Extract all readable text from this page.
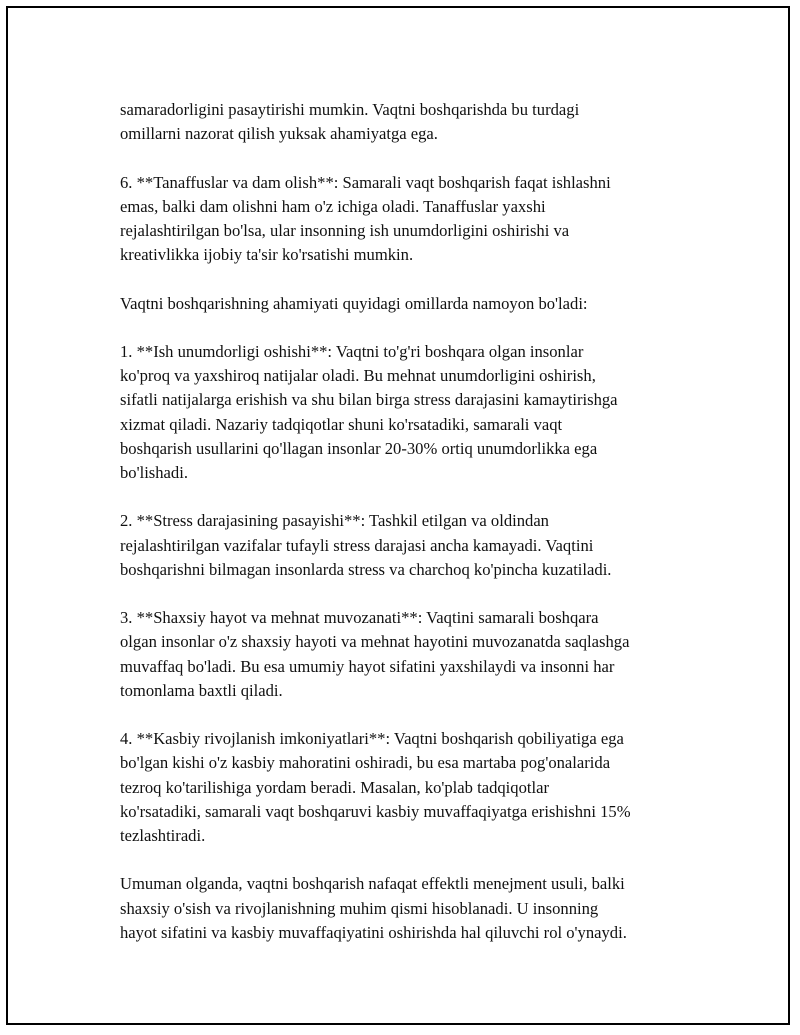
samaradorligini pasaytirishi mumkin. Vaqtni boshqarishda bu turdagi
omillarni nazorat qilish yuksak ahamiyatga ega.

6. **Tanaffuslar va dam olish**: Samarali vaqt boshqarish faqat ishlashni
emas, balki dam olishni ham o'z ichiga oladi. Tanaffuslar yaxshi
rejalashtirilgan bo'lsa, ular insonning ish unumdorligini oshirishi va
kreativlikka ijobiy ta'sir ko'rsatishi mumkin.

Vaqtni boshqarishning ahamiyati quyidagi omillarda namoyon bo'ladi:

1. **Ish unumdorligi oshishi**: Vaqtni to'g'ri boshqara olgan insonlar
ko'proq va yaxshiroq natijalar oladi. Bu mehnat unumdorligini oshirish,
sifatli natijalarga erishish va shu bilan birga stress darajasini kamaytirishga
xizmat qiladi. Nazariy tadqiqotlar shuni ko'rsatadiki, samarali vaqt
boshqarish usullarini qo'llagan insonlar 20-30% ortiq unumdorlikka ega
bo'lishadi.

2. **Stress darajasining pasayishi**: Tashkil etilgan va oldindan
rejalashtirilgan vazifalar tufayli stress darajasi ancha kamayadi. Vaqtini
boshqarishni bilmagan insonlarda stress va charchoq ko'pincha kuzatiladi.

3. **Shaxsiy hayot va mehnat muvozanati**: Vaqtini samarali boshqara
olgan insonlar o'z shaxsiy hayoti va mehnat hayotini muvozanatda saqlashga
muvaffaq bo'ladi. Bu esa umumiy hayot sifatini yaxshilaydi va insonni har
tomonlama baxtli qiladi.

4. **Kasbiy rivojlanish imkoniyatlari**: Vaqtni boshqarish qobiliyatiga ega
bo'lgan kishi o'z kasbiy mahoratini oshiradi, bu esa martaba pog'onalarida
tezroq ko'tarilishiga yordam beradi. Masalan, ko'plab tadqiqotlar
ko'rsatadiki, samarali vaqt boshqaruvi kasbiy muvaffaqiyatga erishishni 15%
tezlashtiradi.

Umuman olganda, vaqtni boshqarish nafaqat effektli menejment usuli, balki
shaxsiy o'sish va rivojlanishning muhim qismi hisoblanadi. U insonning
hayot sifatini va kasbiy muvaffaqiyatini oshirishda hal qiluvchi rol o'ynaydi.
